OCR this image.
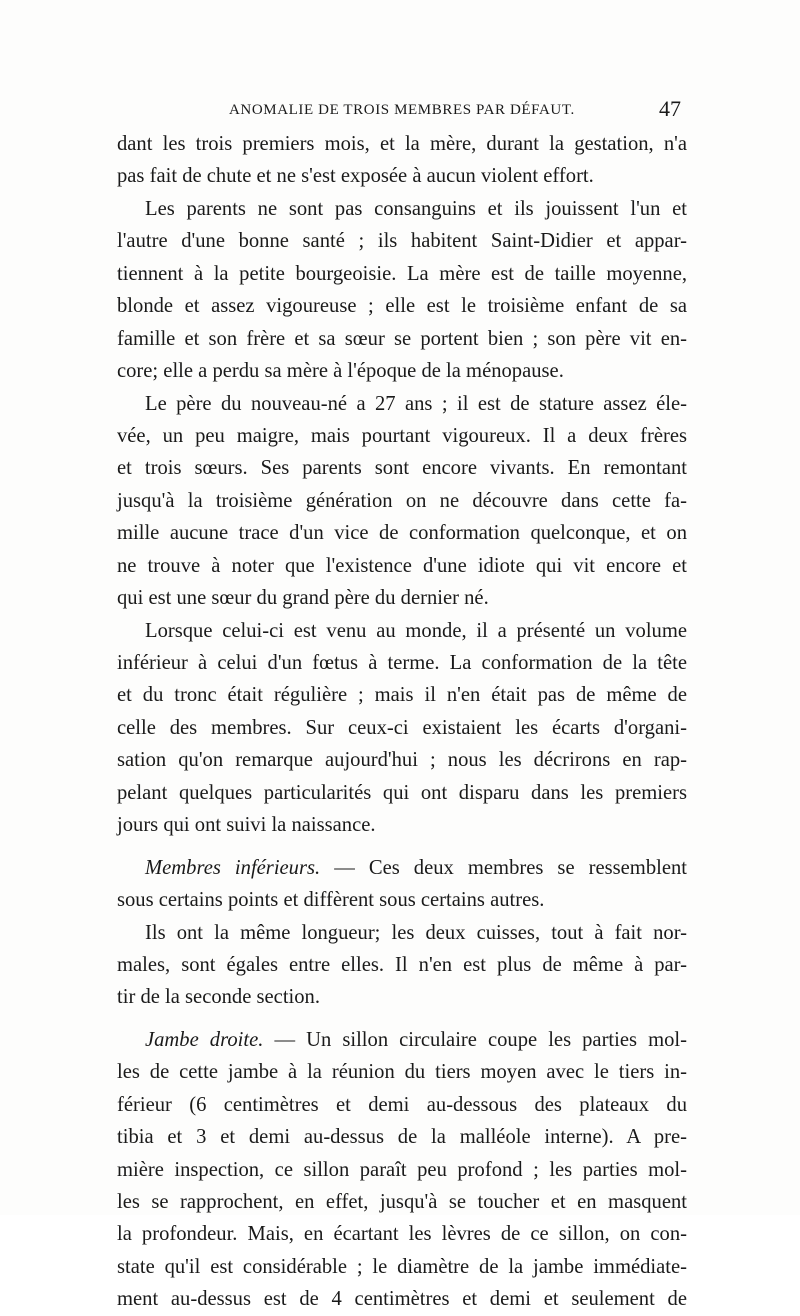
ANOMALIE DE TROIS MEMBRES PAR DÉFAUT.	47
dant les trois premiers mois, et la mère, durant la gestation, n'a
pas fait de chute et ne s'est exposée à aucun violent effort.
Les parents ne sont pas consanguins et ils jouissent l'un et
l'autre d'une bonne santé ; ils habitent Saint-Didier et appar-
tiennent à la petite bourgeoisie. La mère est de taille moyenne,
blonde et assez vigoureuse ; elle est le troisième enfant de sa
famille et son frère et sa sœur se portent bien ; son père vit en-
core; elle a perdu sa mère à l'époque de la ménopause.
Le père du nouveau-né a 27 ans ; il est de stature assez éle-
vée, un peu maigre, mais pourtant vigoureux. Il a deux frères
et trois sœurs. Ses parents sont encore vivants. En remontant
jusqu'à la troisième génération on ne découvre dans cette fa-
mille aucune trace d'un vice de conformation quelconque, et on
ne trouve à noter que l'existence d'une idiote qui vit encore et
qui est une sœur du grand père du dernier né.
Lorsque celui-ci est venu au monde, il a présenté un volume
inférieur à celui d'un fœtus à terme. La conformation de la tête
et du tronc était régulière ; mais il n'en était pas de même de
celle des membres. Sur ceux-ci existaient les écarts d'organi-
sation qu'on remarque aujourd'hui ; nous les décrirons en rap-
pelant quelques particularités qui ont disparu dans les premiers
jours qui ont suivi la naissance.
Membres inférieurs. — Ces deux membres se ressemblent
sous certains points et diffèrent sous certains autres.
Ils ont la même longueur; les deux cuisses, tout à fait nor-
males, sont égales entre elles. Il n'en est plus de même à par-
tir de la seconde section.
Jambe droite. — Un sillon circulaire coupe les parties mol-
les de cette jambe à la réunion du tiers moyen avec le tiers in-
férieur (6 centimètres et demi au-dessous des plateaux du
tibia et 3 et demi au-dessus de la malléole interne). A pre-
mière inspection, ce sillon paraît peu profond ; les parties mol-
les se rapprochent, en effet, jusqu'à se toucher et en masquent
la profondeur. Mais, en écartant les lèvres de ce sillon, on con-
state qu'il est considérable ; le diamètre de la jambe immédiate-
ment au-dessus est de 4 centimètres et demi et seulement de
